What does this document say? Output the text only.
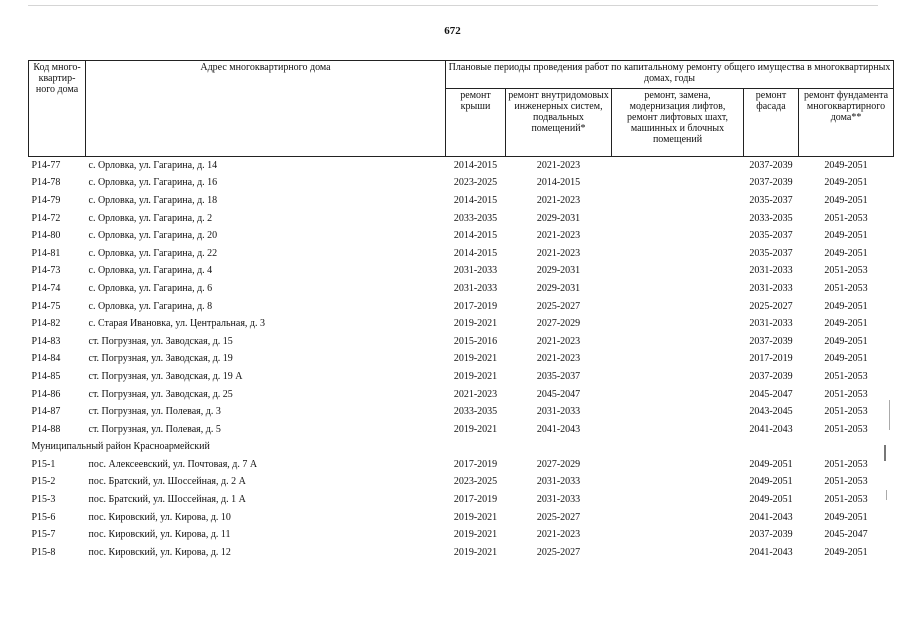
672
Код много-квартир-ного дома	Адрес многоквартирного дома	Плановые периоды проведения работ по капитальному ремонту общего имущества в многоквартирных домах, годы				
		ремонт крыши	ремонт внутридомовых инженерных систем, подвальных помещений*	ремонт, замена, модернизация лифтов, ремонт лифтовых шахт, машинных и блочных помещений	ремонт фасада	ремонт фундамента многоквартирного дома**
P14-77	с. Орловка, ул. Гагарина, д. 14	2014-2015	2021-2023		2037-2039	2049-2051
P14-78	с. Орловка, ул. Гагарина, д. 16	2023-2025	2014-2015		2037-2039	2049-2051
P14-79	с. Орловка, ул. Гагарина, д. 18	2014-2015	2021-2023		2035-2037	2049-2051
P14-72	с. Орловка, ул. Гагарина, д. 2	2033-2035	2029-2031		2033-2035	2051-2053
P14-80	с. Орловка, ул. Гагарина, д. 20	2014-2015	2021-2023		2035-2037	2049-2051
P14-81	с. Орловка, ул. Гагарина, д. 22	2014-2015	2021-2023		2035-2037	2049-2051
P14-73	с. Орловка, ул. Гагарина, д. 4	2031-2033	2029-2031		2031-2033	2051-2053
P14-74	с. Орловка, ул. Гагарина, д. 6	2031-2033	2029-2031		2031-2033	2051-2053
P14-75	с. Орловка, ул. Гагарина, д. 8	2017-2019	2025-2027		2025-2027	2049-2051
P14-82	с. Старая Ивановка, ул. Центральная, д. 3	2019-2021	2027-2029		2031-2033	2049-2051
P14-83	ст. Погрузная, ул. Заводская, д. 15	2015-2016	2021-2023		2037-2039	2049-2051
P14-84	ст. Погрузная, ул. Заводская, д. 19	2019-2021	2021-2023		2017-2019	2049-2051
P14-85	ст. Погрузная, ул. Заводская, д. 19 А	2019-2021	2035-2037		2037-2039	2051-2053
P14-86	ст. Погрузная, ул. Заводская, д. 25	2021-2023	2045-2047		2045-2047	2051-2053
P14-87	ст. Погрузная, ул. Полевая, д. 3	2033-2035	2031-2033		2043-2045	2051-2053
P14-88	ст. Погрузная, ул. Полевая, д. 5	2019-2021	2041-2043		2041-2043	2051-2053
Муниципальный район Красноармейский						
P15-1	пос. Алексеевский, ул. Почтовая, д. 7 А	2017-2019	2027-2029		2049-2051	2051-2053
P15-2	пос. Братский, ул. Шоссейная, д. 2 А	2023-2025	2031-2033		2049-2051	2051-2053
P15-3	пос. Братский, ул. Шоссейная, д. 1 А	2017-2019	2031-2033		2049-2051	2051-2053
P15-6	пос. Кировский, ул. Кирова, д. 10	2019-2021	2025-2027		2041-2043	2049-2051
P15-7	пос. Кировский, ул. Кирова, д. 11	2019-2021	2021-2023		2037-2039	2045-2047
P15-8	пос. Кировский, ул. Кирова, д. 12	2019-2021	2025-2027		2041-2043	2049-2051
